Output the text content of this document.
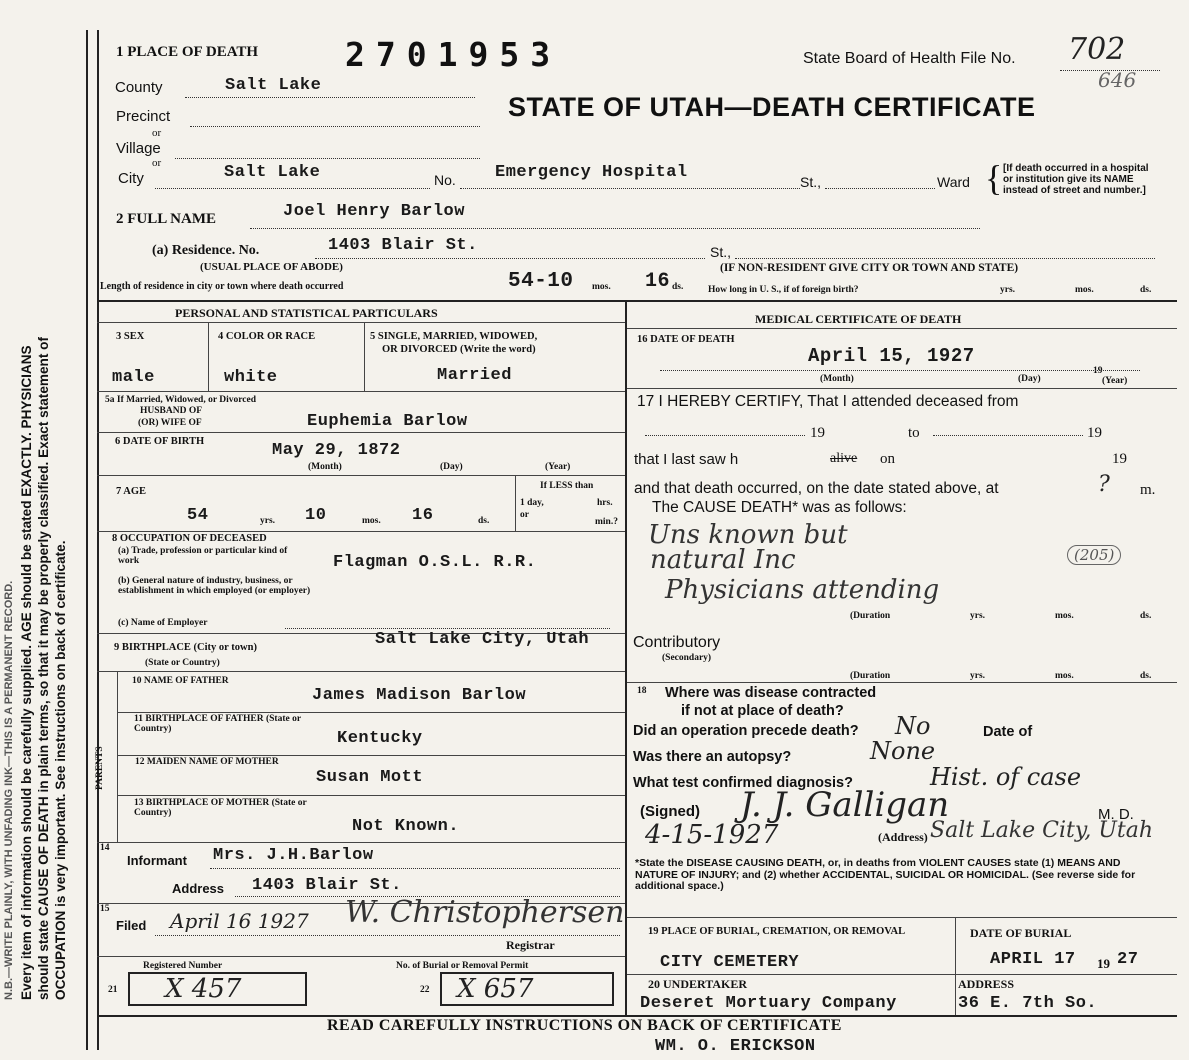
Every item of information should be carefully supplied. AGE should be stated EXACTLY. PHYSICIANS should state CAUSE OF DEATH in plain terms, so that it may be properly classified. Exact statement of OCCUPATION is very important. See instructions on back of certificate.
N.B.—WRITE PLAINLY, WITH UNFADING INK—THIS IS A PERMANENT RECORD.
1 PLACE OF DEATH	2701953	State Board of Health File No. 702
646
STATE OF UTAH—DEATH CERTIFICATE
County	Salt Lake
Precinct
or
Village
or
City	Salt Lake	No. Emergency Hospital	St.,	Ward { [If death occurred in a hospital or institution give its NAME instead of street and number.]
2 FULL NAME	Joel Henry Barlow
(a) Residence. No.	1403 Blair St.	St.,
(USUAL PLACE OF ABODE)	(IF NON-RESIDENT GIVE CITY OR TOWN AND STATE)
Length of residence in city or town where death occurred	54-10 mos. 16 ds.	How long in U. S., if of foreign birth?	yrs.	mos.	ds.
PERSONAL AND STATISTICAL PARTICULARS	MEDICAL CERTIFICATE OF DEATH
3 SEX	4 COLOR OR RACE	5 SINGLE, MARRIED, WIDOWED,
OR DIVORCED (Write the word)
male	white	Married
5a If Married, Widowed, or Divorced
HUSBAND OF
(OR) WIFE OF	Euphemia Barlow
6 DATE OF BIRTH	May 29, 1872
(Month)	(Day)	(Year)
7 AGE
54	yrs. 10	mos. 16	ds.
If LESS than
1 day,	hrs.
or
min.?
8 OCCUPATION OF DECEASED
(a) Trade, profession or particular kind of work	Flagman O.S.L. R.R.
(b) General nature of industry, business, or establishment in which employed (or employer)
(c) Name of Employer
9 BIRTHPLACE (City or town)
(State or Country)
Salt Lake City, Utah
PARENTS
10 NAME OF FATHER
James Madison Barlow
11 BIRTHPLACE OF FATHER (State or Country)	Kentucky
12 MAIDEN NAME OF MOTHER
Susan Mott
13 BIRTHPLACE OF MOTHER (State or Country)
Not Known.
14
Informant Mrs. J.H.Barlow
Address 1403 Blair St.
15
Filed April 16 1927 W. Christophersen
Registrar
Registered Number	No. of Burial or Removal Permit
21 X 457	22 X 657
16 DATE OF DEATH
April 15, 1927
19
(Month)	(Day)	(Year)
17 I HEREBY CERTIFY, That I attended deceased from
19	to	19
that I last saw h	alive on	19
and that death occurred, on the date stated above, at	? m.
The CAUSE DEATH* was as follows:
Uns known but
natural Inc	(205)
Physicians attending
(Duration	yrs.	mos.	ds.
Contributory
(Secondary)
(Duration	yrs.	mos.	ds.
18 Where was disease contracted
if not at place of death?
Did an operation precede death? No	Date of
Was there an autopsy?	None
What test confirmed diagnosis?	Hist. of case
(Signed) J. J. Galligan	M. D.
4-15-1927	(Address) Salt Lake City, Utah
*State the DISEASE CAUSING DEATH, or, in deaths from VIOLENT CAUSES state (1) MEANS AND NATURE OF INJURY; and (2) whether ACCIDENTAL, SUICIDAL OR HOMICIDAL. (See reverse side for additional space.)
19 PLACE OF BURIAL, CREMATION, OR REMOVAL
CITY CEMETERY
DATE OF BURIAL
APRIL 17 19 27
20 UNDERTAKER
Deseret Mortuary Company
ADDRESS
36 E. 7th So.
READ CAREFULLY INSTRUCTIONS ON BACK OF CERTIFICATE
WM. O. ERICKSON
